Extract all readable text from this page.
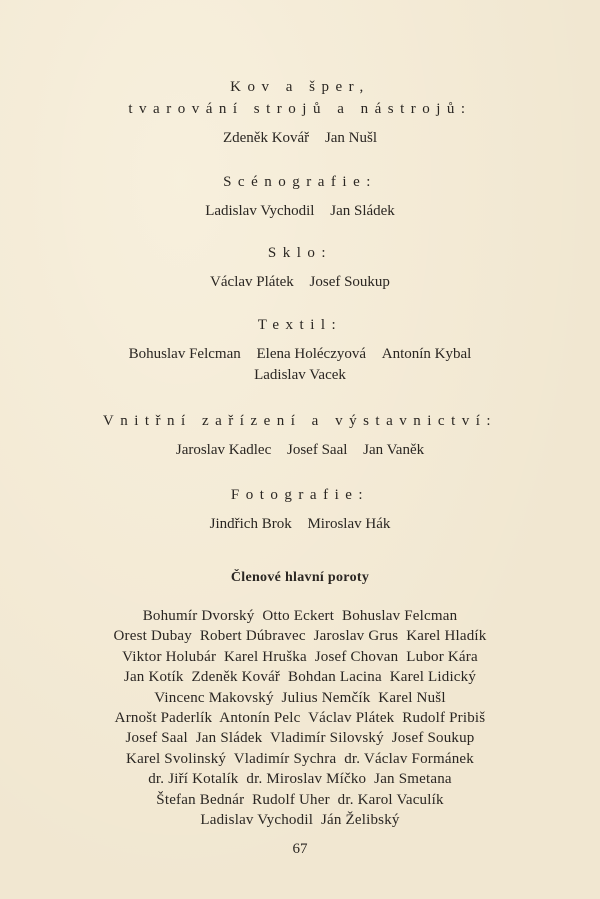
Kov a šper,
tvarování strojů a nástrojů:
Zdeněk Kovář Jan Nušl
Scénografie:
Ladislav Vychodil Jan Sládek
Sklo:
Václav Plátek Josef Soukup
Textil:
Bohuslav Felcman Elena Holéczyová Antonín Kybal
Ladislav Vacek
Vnitřní zařízení a výstavnictví:
Jaroslav Kadlec Josef Saal Jan Vaněk
Fotografie:
Jindřich Brok Miroslav Hák
Členové hlavní poroty
Bohumír Dvorský  Otto Eckert  Bohuslav Felcman
Orest Dubay  Robert Dúbravec  Jaroslav Grus  Karel Hladík
Viktor Holubár  Karel Hruška  Josef Chovan  Lubor Kára
Jan Kotík  Zdeněk Kovář  Bohdan Lacina  Karel Lidický
Vincenc Makovský  Julius Nemčík  Karel Nušl
Arnošt Paderlík  Antonín Pelc  Václav Plátek  Rudolf Pribiš
Josef Saal  Jan Sládek  Vladimír Silovský  Josef Soukup
Karel Svolinský  Vladimír Sychra  dr. Václav Formánek
dr. Jiří Kotalík  dr. Miroslav Míčko  Jan Smetana
Štefan Bednár  Rudolf Uher  dr. Karol Vaculík
Ladislav Vychodil  Ján Želibský
67
